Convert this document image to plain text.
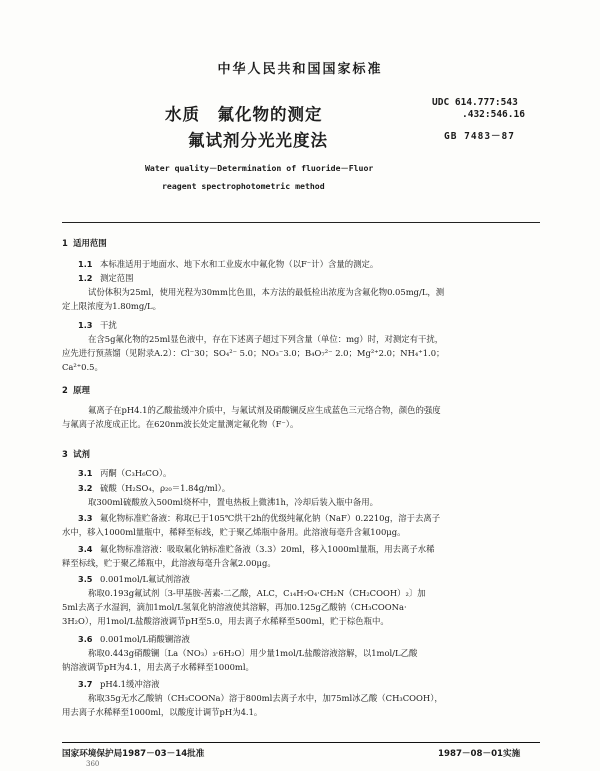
中华人民共和国国家标准
水质　氟化物的测定
氟试剂分光光度法
UDC 614.777:543
.432:546.16
GB 7483－87
Water quality－Determination of fluoride－Fluor
reagent spectrophotometric method

1 适用范围

1.1 本标准适用于地面水、地下水和工业废水中氟化物（以F⁻计）含量的测定。

1.2 测定范围

试份体积为25ml，使用光程为30mm比色皿，本方法的最低检出浓度为含氟化物0.05mg/L，测

定上限浓度为1.80mg/L。

1.3 干扰

在含5g氟化物的25ml显色液中，存在下述离子超过下列含量（单位：mg）时，对测定有干扰，

应先进行预蒸馏（见附录A.2）：Cl⁻30；SO₄²⁻ 5.0；NO₃⁻3.0；B₄O₇²⁻ 2.0；Mg²⁺2.0；NH₄⁺1.0；

Ca²⁺0.5。

2 原理

氟离子在pH4.1的乙酸盐缓冲介质中，与氟试剂及硝酸镧反应生成蓝色三元络合物，颜色的强度

与氟离子浓度成正比。在620nm波长处定量测定氟化物（F⁻）。

3 试剂

3.1 丙酮（C₃H₆CO）。

3.2 硫酸（H₂SO₄，ρ₂₀＝1.84g/ml）。

取300ml硫酸放入500ml烧杯中，置电热板上微沸1h，冷却后装入瓶中备用。

3.3 氟化物标准贮备液：称取已于105℃烘干2h的优级纯氟化钠（NaF）0.2210g，溶于去离子

水中，移入1000ml量瓶中，稀释至标线，贮于聚乙烯瓶中备用。此溶液每毫升含氟100μg。

3.4 氟化物标准溶液：吸取氟化钠标准贮备液（3.3）20ml，移入1000ml量瓶，用去离子水稀

释至标线，贮于聚乙烯瓶中，此溶液每毫升含氟2.00μg。

3.5 0.001mol/L氟试剂溶液

称取0.193g氟试剂〔3-甲基胺-茜素-二乙酸，ALC，C₁₄H₇O₄·CH₂N（CH₂COOH）₂〕加

5ml去离子水湿润，滴加1mol/L氢氧化钠溶液使其溶解，再加0.125g乙酸钠（CH₃COONa·

3H₂O），用1mol/L盐酸溶液调节pH至5.0，用去离子水稀释至500ml，贮于棕色瓶中。

3.6 0.001mol/L硝酸镧溶液

称取0.443g硝酸镧〔La（NO₃）₃·6H₂O〕用少量1mol/L盐酸溶液溶解，以1mol/L乙酸

钠溶液调节pH为4.1，用去离子水稀释至1000ml。

3.7 pH4.1缓冲溶液

称取35g无水乙酸钠（CH₃COONa）溶于800ml去离子水中，加75ml冰乙酸（CH₃COOH），

用去离子水稀释至1000ml，以酸度计调节pH为4.1。

国家环境保护局1987－03－14批准	1987－08－01实施
360
